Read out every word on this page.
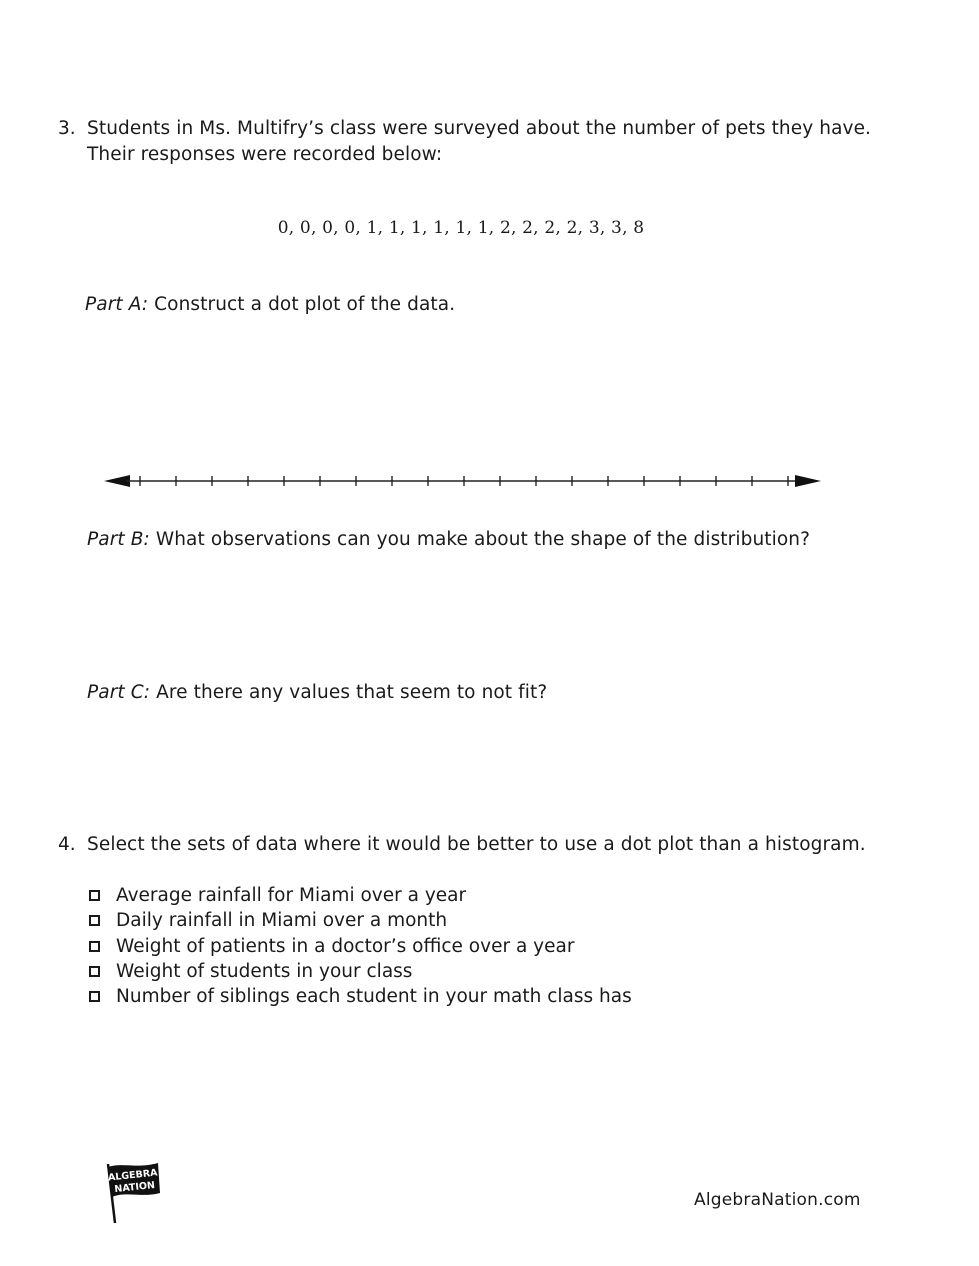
3. Students in Ms. Multifry’s class were surveyed about the number of pets they have.
Their responses were recorded below:
0, 0, 0, 0, 1, 1, 1, 1, 1, 1, 2, 2, 2, 2, 3, 3, 8
Part A: Construct a dot plot of the data.
Part B: What observations can you make about the shape of the distribution?
Part C: Are there any values that seem to not fit?
4. Select the sets of data where it would be better to use a dot plot than a histogram.
Average rainfall for Miami over a year
Daily rainfall in Miami over a month
Weight of patients in a doctor’s office over a year
Weight of students in your class
Number of siblings each student in your math class has
ALGEBRA
NATION
AlgebraNation.com
